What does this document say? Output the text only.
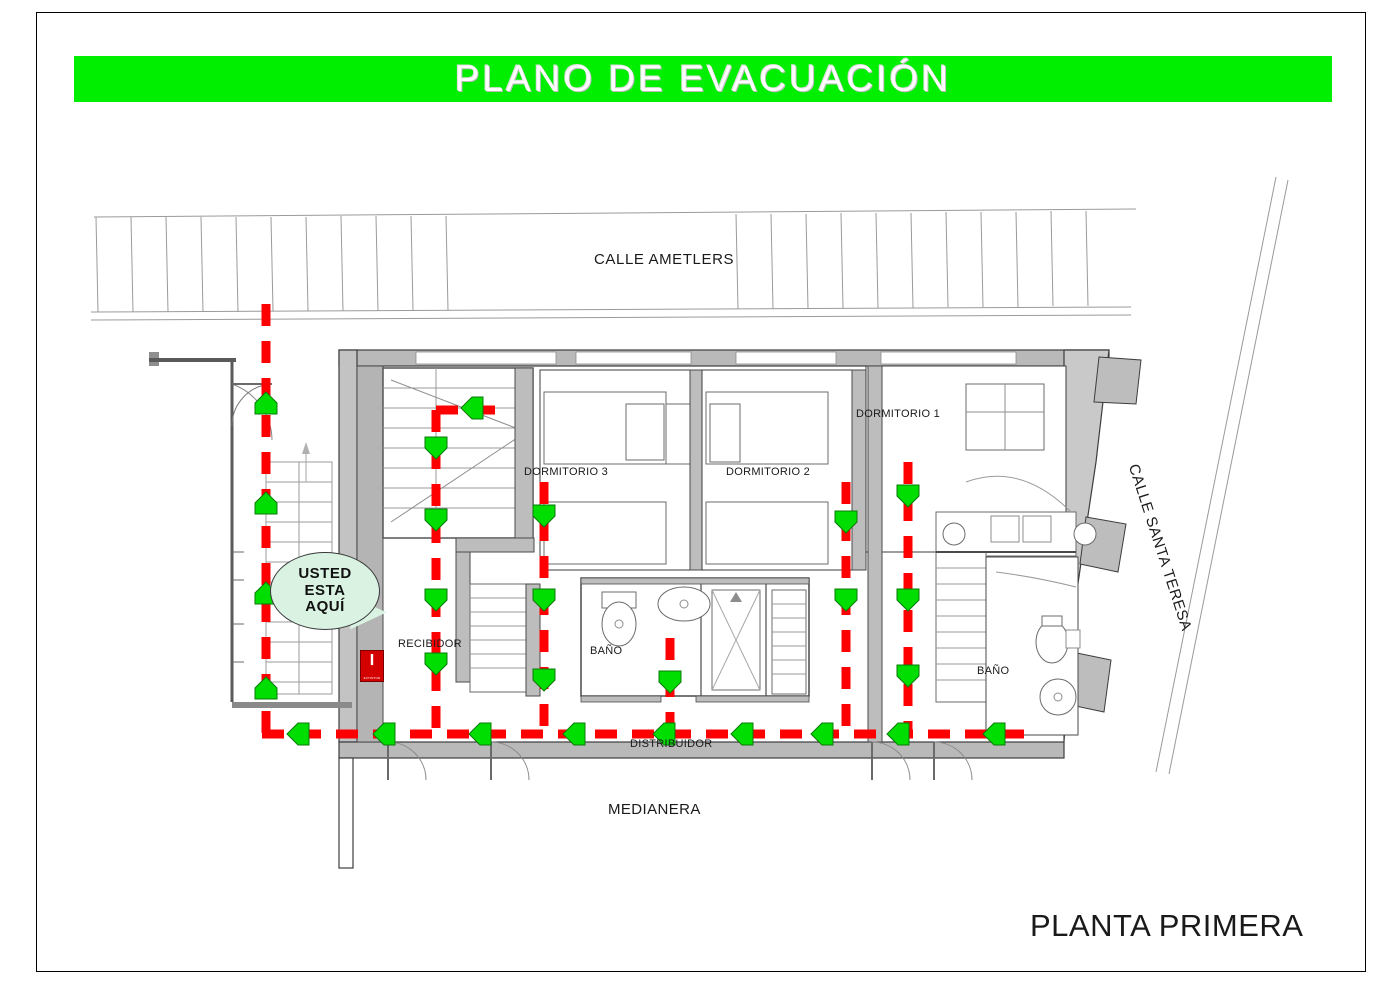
PLANO DE EVACUACIÓN
CALLE AMETLERS
CALLE SANTA TERESA
MEDIANERA
DORMITORIO 3	DORMITORIO 2
DORMITORIO 1
BAÑO
BAÑO
RECIBIDOR
DISTRIBUIDOR
USTED
ESTA
AQUÍ
I
EXTINTOR
PLANTA PRIMERA
